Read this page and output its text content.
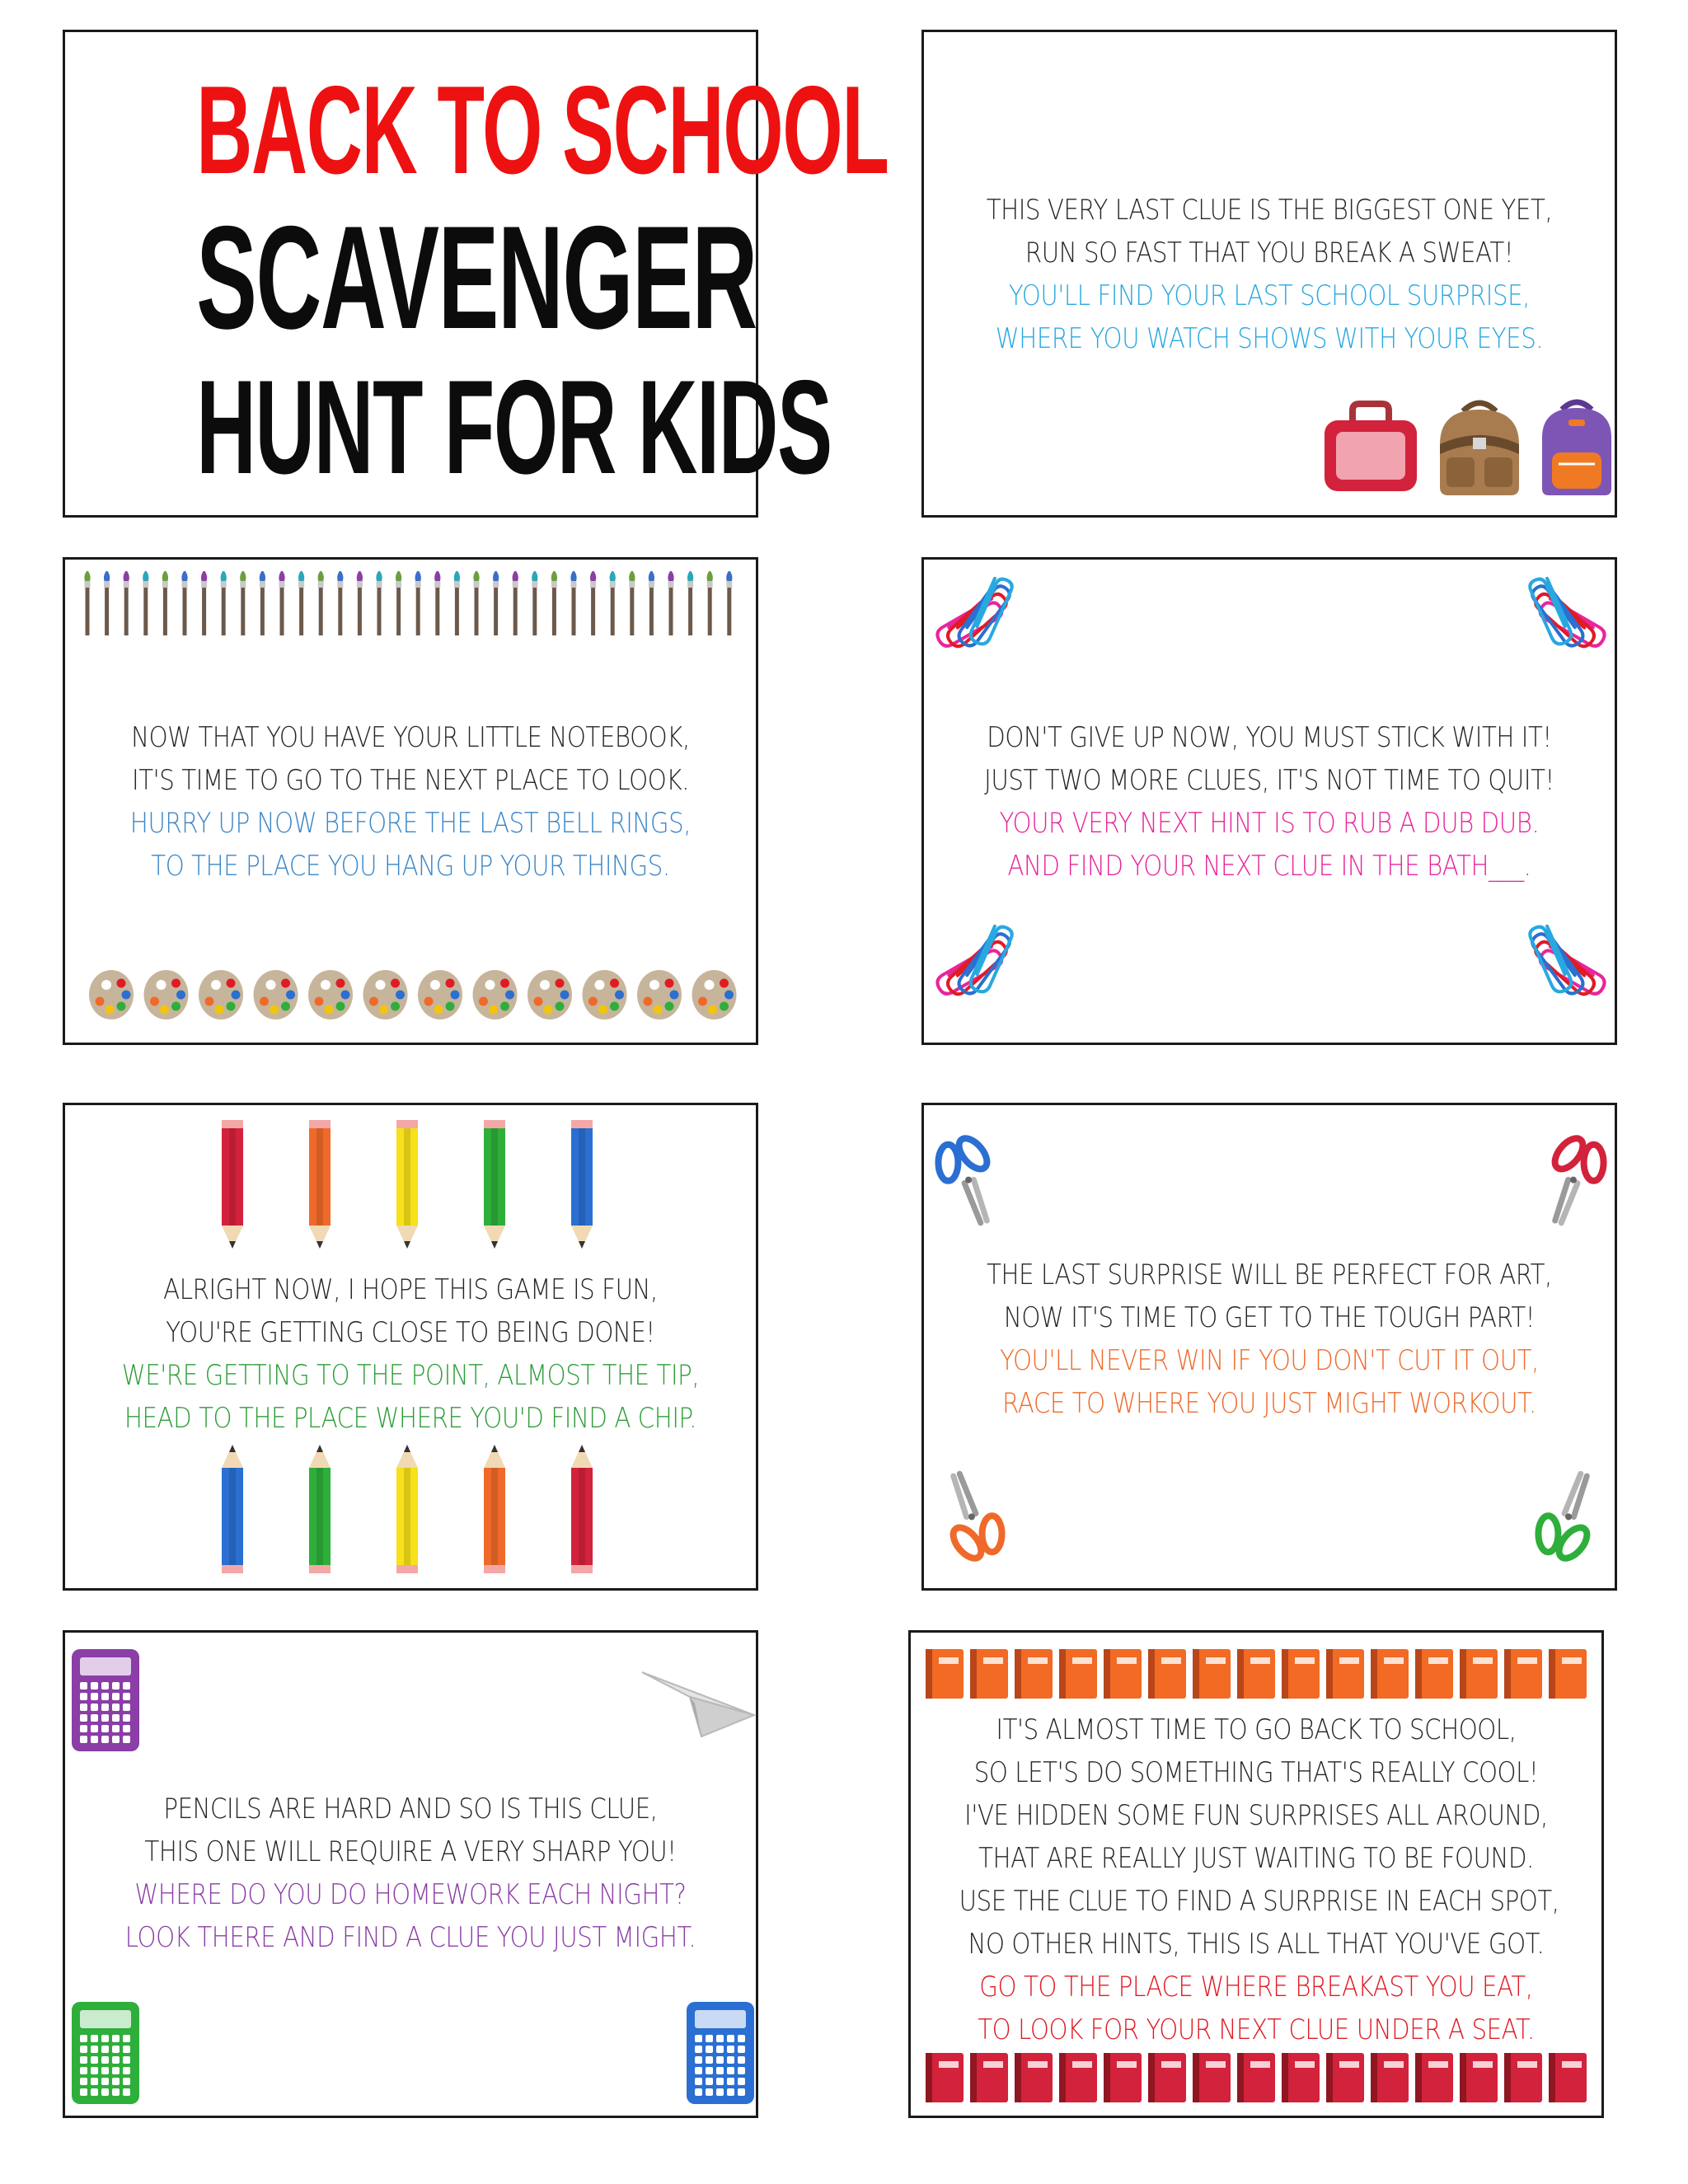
BACK TO SCHOOL
SCAVENGER
HUNT FOR KIDS
THIS VERY LAST CLUE IS THE BIGGEST ONE YET,
RUN SO FAST THAT YOU BREAK A SWEAT!
YOU'LL FIND YOUR LAST SCHOOL SURPRISE,
WHERE YOU WATCH SHOWS WITH YOUR EYES.
NOW THAT YOU HAVE YOUR LITTLE NOTEBOOK,
IT'S TIME TO GO TO THE NEXT PLACE TO LOOK.
HURRY UP NOW BEFORE THE LAST BELL RINGS,
TO THE PLACE YOU HANG UP YOUR THINGS.
DON'T GIVE UP NOW, YOU MUST STICK WITH IT!
JUST TWO MORE CLUES, IT'S NOT TIME TO QUIT!
YOUR VERY NEXT HINT IS TO RUB A DUB DUB.
AND FIND YOUR NEXT CLUE IN THE BATH___.
ALRIGHT NOW, I HOPE THIS GAME IS FUN,
YOU'RE GETTING CLOSE TO BEING DONE!
WE'RE GETTING TO THE POINT, ALMOST THE TIP,
HEAD TO THE PLACE WHERE YOU'D FIND A CHIP.
THE LAST SURPRISE WILL BE PERFECT FOR ART,
NOW IT'S TIME TO GET TO THE TOUGH PART!
YOU'LL NEVER WIN IF YOU DON'T CUT IT OUT,
RACE TO WHERE YOU JUST MIGHT WORKOUT.
PENCILS ARE HARD AND SO IS THIS CLUE,
THIS ONE WILL REQUIRE A VERY SHARP YOU!
WHERE DO YOU DO HOMEWORK EACH NIGHT?
LOOK THERE AND FIND A CLUE YOU JUST MIGHT.
IT'S ALMOST TIME TO GO BACK TO SCHOOL,
SO LET'S DO SOMETHING THAT'S REALLY COOL!
I'VE HIDDEN SOME FUN SURPRISES ALL AROUND,
THAT ARE REALLY JUST WAITING TO BE FOUND.
USE THE CLUE TO FIND A SURPRISE IN EACH SPOT,
NO OTHER HINTS, THIS IS ALL THAT YOU'VE GOT.
GO TO THE PLACE WHERE BREAKAST YOU EAT,
TO LOOK FOR YOUR NEXT CLUE UNDER A SEAT.
